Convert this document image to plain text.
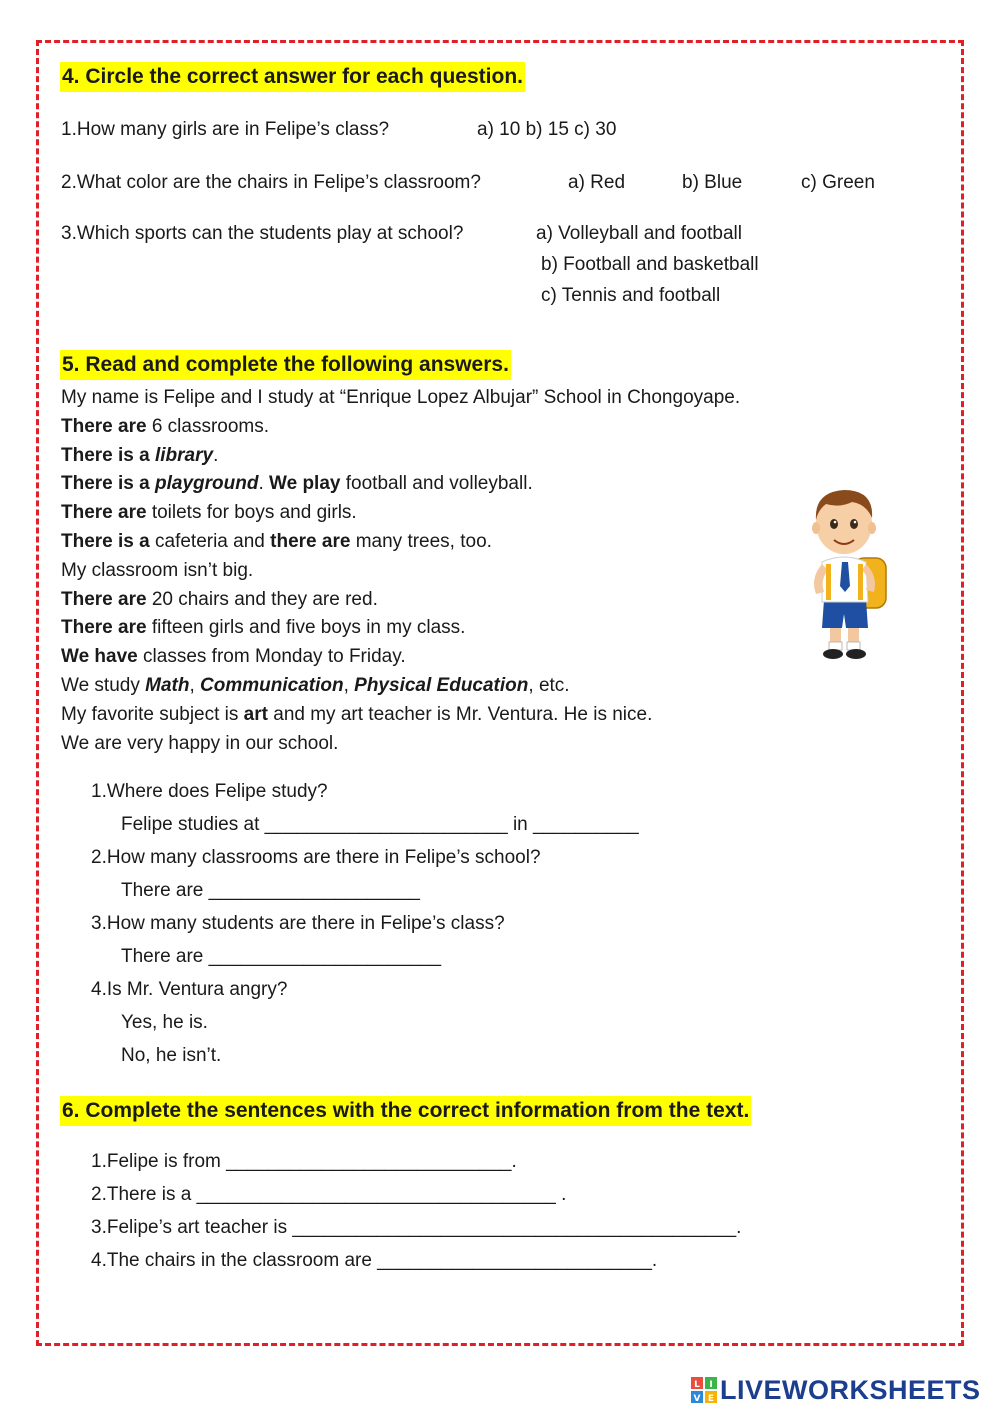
4. Circle the correct answer for each question.
1.How many girls are in Felipe’s class?	a) 10 b) 15 c) 30
2.What color are the chairs in Felipe’s classroom?	a) Red	b) Blue	c) Green
3.Which sports can the students play at school?	a) Volleyball and football
b) Football and basketball
c) Tennis and football
5. Read and complete the following answers.
My name is Felipe and I study at “Enrique Lopez Albujar” School in Chongoyape.
There are 6 classrooms.
There is a library.
There is a playground. We play football and volleyball.
There are toilets for boys and girls.
There is a cafeteria and there are many trees, too.
My classroom isn’t big.
There are 20 chairs and they are red.
There are fifteen girls and five boys in my class.
We have classes from Monday to Friday.
We study Math, Communication, Physical Education, etc.
My favorite subject is art and my art teacher is Mr. Ventura. He is nice.
We are very happy in our school.
1.Where does Felipe study?
Felipe studies at _______________________ in __________
2.How many classrooms are there in Felipe’s school?
There are ____________________
3.How many students are there in Felipe’s class?
There are ______________________
4.Is Mr. Ventura angry?
Yes, he is.
No, he isn’t.
6. Complete the sentences with the correct information from the text.
1.Felipe is from ___________________________.
2.There is a __________________________________ .
3.Felipe’s art teacher is __________________________________________.
4.The chairs in the classroom are __________________________.
L I
V E LIVEWORKSHEETS
